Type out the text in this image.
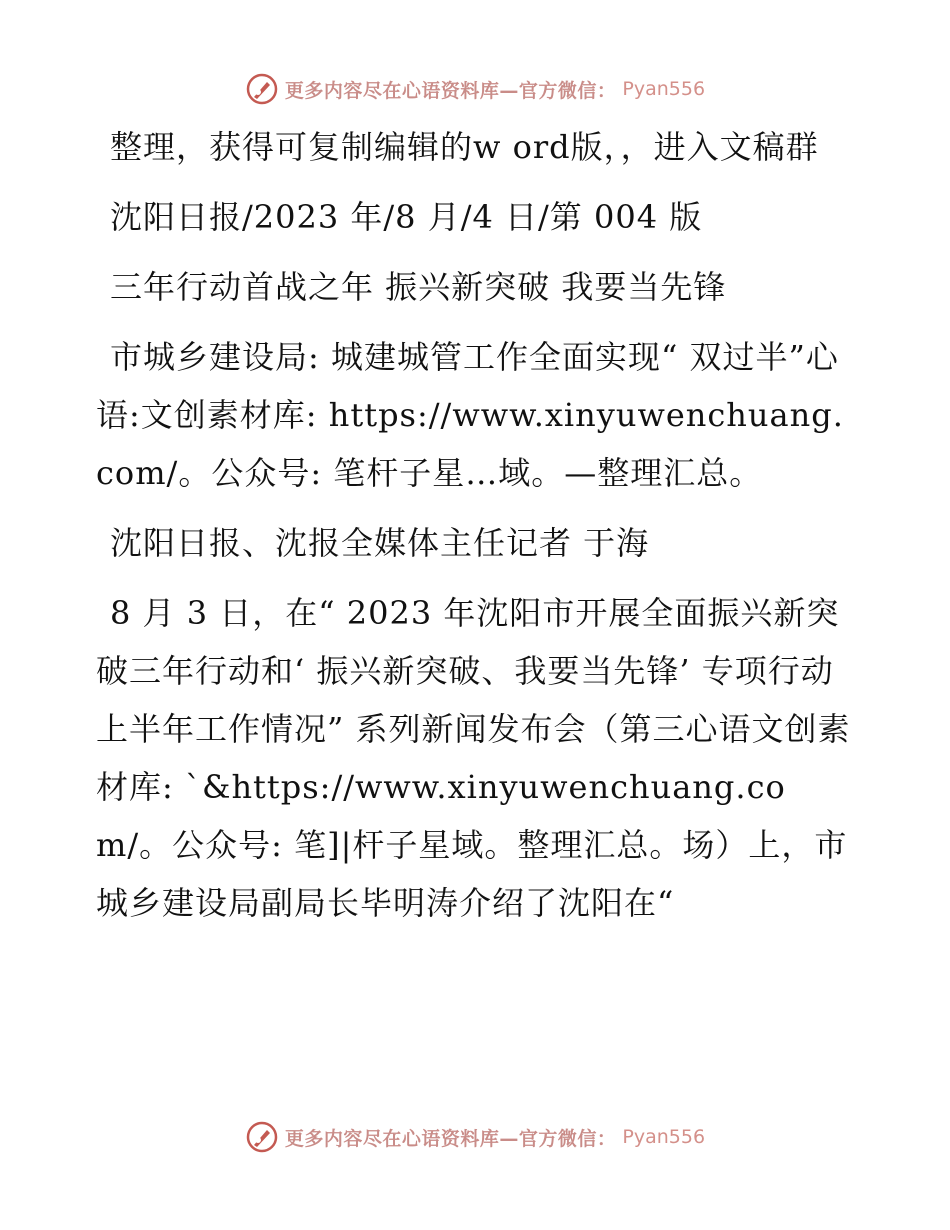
更多内容尽在心语资料库—官方微信： Pyan556

整理，获得可复制编辑的w ord版，，进入文稿群

沈阳日报/2023 年/8 月/4 日/第 004 版

三年行动首战之年 振兴新突破 我要当先锋

市城乡建设局: 城建城管工作全面实现“ 双过半”心语:文创素材库: https://www.xinyuwenchuang.com/。公众号: 笔杆子星…域。—整理汇总。

沈阳日报、沈报全媒体主任记者 于海

8 月 3 日，在“ 2023 年沈阳市开展全面振兴新突破三年行动和‘ 振兴新突破、我要当先锋’ 专项行动上半年工作情况” 系列新闻发布会（第三心语文创素材库: `&https://www.xinyuwenchuang.com/。公众号: 笔]|杆子星域。整理汇总。场）上，市城乡建设局副局长毕明涛介绍了沈阳在“

更多内容尽在心语资料库—官方微信： Pyan556
